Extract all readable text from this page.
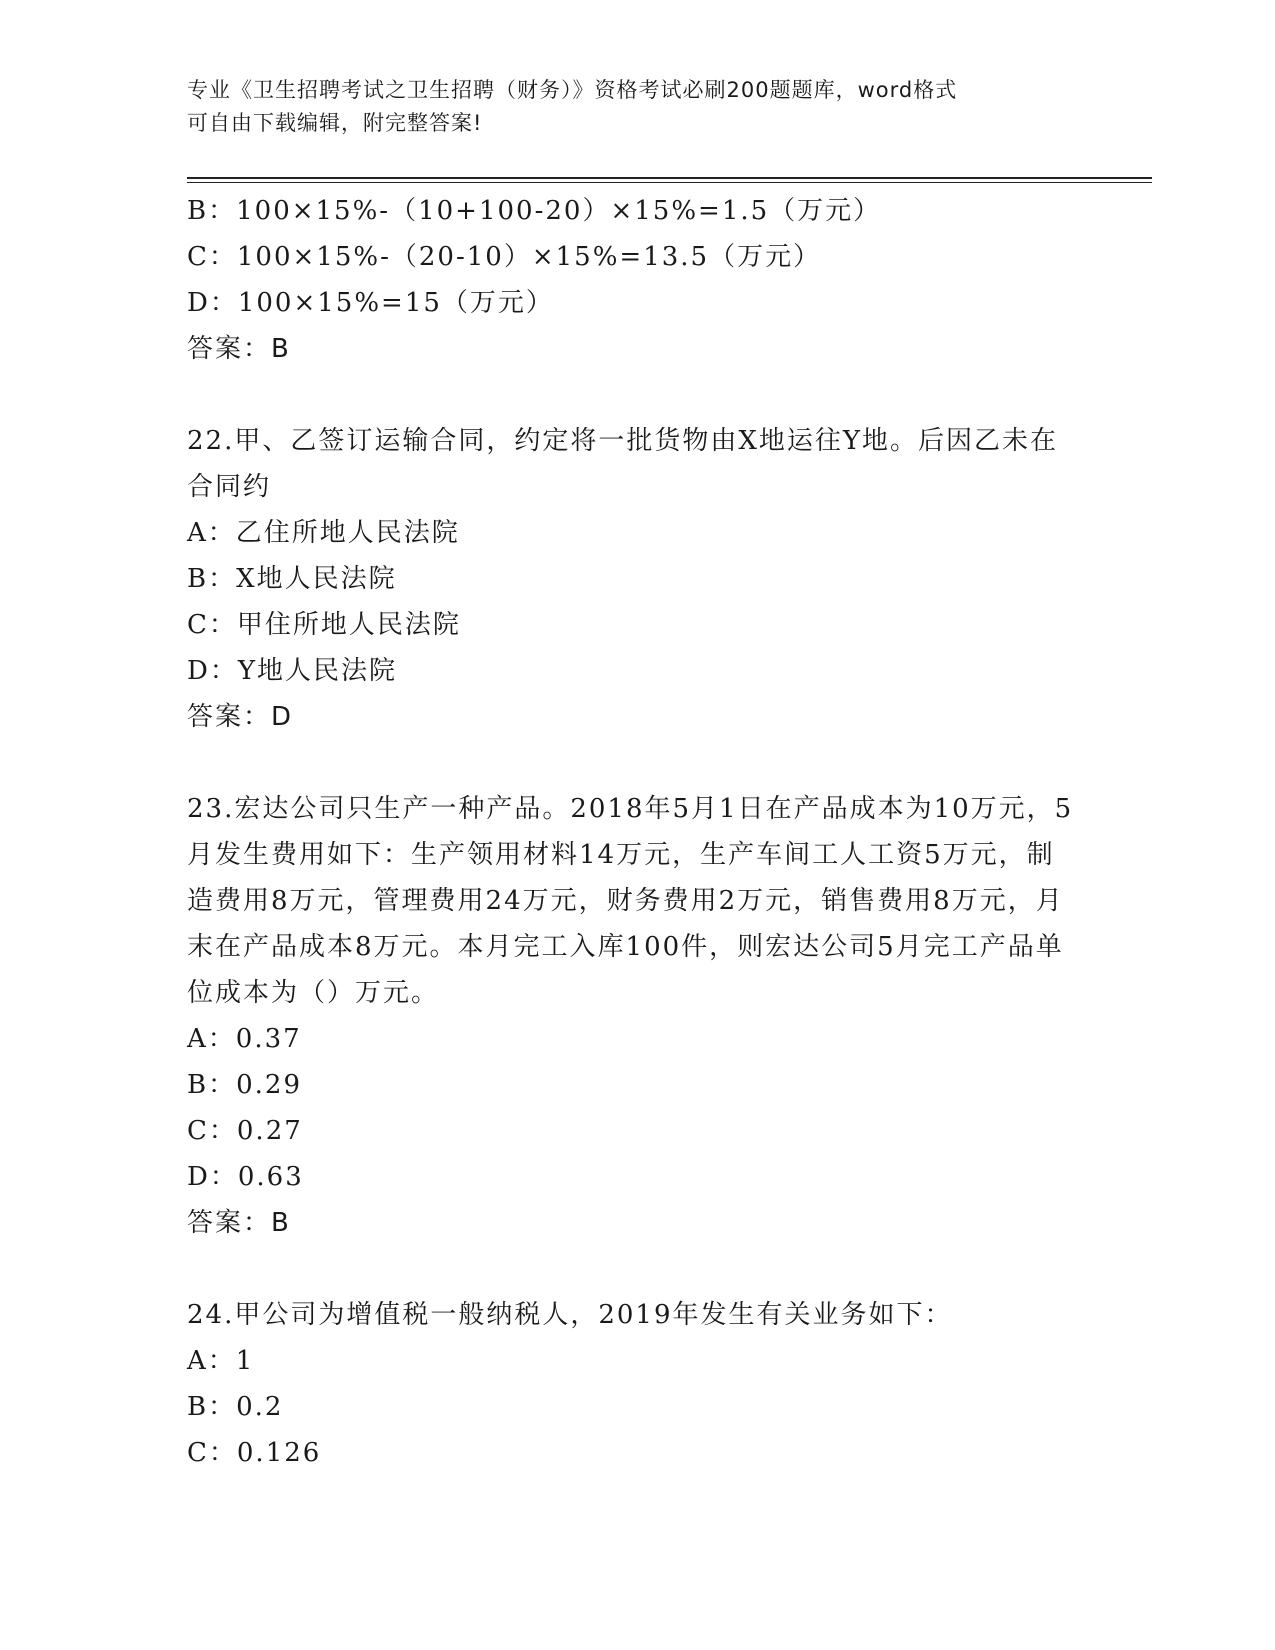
专业《卫生招聘考试之卫生招聘（财务）》资格考试必刷200题题库，word格式
可自由下载编辑，附完整答案!
B：100×15%-（10+100-20）×15%=1.5（万元）
C：100×15%-（20-10）×15%=13.5（万元）
D：100×15%=15（万元）
答案：B
22.甲、乙签订运输合同，约定将一批货物由X地运往Y地。后因乙未在合同约
A：乙住所地人民法院
B：X地人民法院
C：甲住所地人民法院
D：Y地人民法院
答案：D
23.宏达公司只生产一种产品。2018年5月1日在产品成本为10万元，5月发生费用如下：生产领用材料14万元，生产车间工人工资5万元，制造费用8万元，管理费用24万元，财务费用2万元，销售费用8万元，月末在产品成本8万元。本月完工入库100件，则宏达公司5月完工产品单位成本为（）万元。
A：0.37
B：0.29
C：0.27
D：0.63
答案：B
24.甲公司为增值税一般纳税人，2019年发生有关业务如下：
A：1
B：0.2
C：0.126
